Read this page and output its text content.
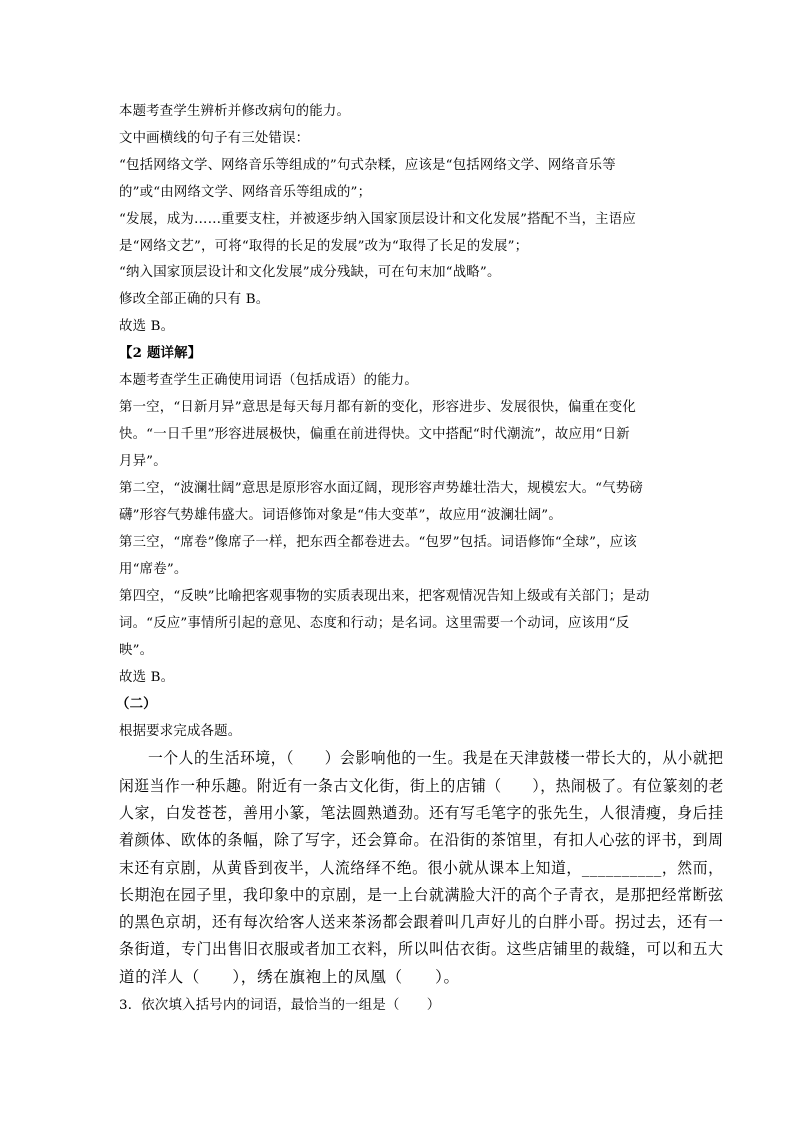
本题考查学生辨析并修改病句的能力。
文中画横线的句子有三处错误：
“包括网络文学、网络音乐等组成的”句式杂糅，应该是“包括网络文学、网络音乐等
的”或“由网络文学、网络音乐等组成的”；
“发展，成为……重要支柱，并被逐步纳入国家顶层设计和文化发展”搭配不当，主语应
是“网络文艺”，可将“取得的长足的发展”改为“取得了长足的发展”；
“纳入国家顶层设计和文化发展”成分残缺，可在句末加“战略”。
修改全部正确的只有 B。
故选 B。
【2 题详解】
本题考查学生正确使用词语（包括成语）的能力。
第一空，“日新月异”意思是每天每月都有新的变化，形容进步、发展很快，偏重在变化
快。“一日千里”形容进展极快，偏重在前进得快。文中搭配“时代潮流”，故应用“日新
月异”。
第二空，“波澜壮阔”意思是原形容水面辽阔，现形容声势雄壮浩大，规模宏大。“气势磅
礴”形容气势雄伟盛大。词语修饰对象是“伟大变革”，故应用“波澜壮阔”。
第三空，“席卷”像席子一样，把东西全都卷进去。“包罗”包括。词语修饰“全球”，应该
用“席卷”。
第四空，“反映”比喻把客观事物的实质表现出来，把客观情况告知上级或有关部门；是动
词。“反应”事情所引起的意见、态度和行动；是名词。这里需要一个动词，应该用“反
映”。
故选 B。
（二）
根据要求完成各题。
一个人的生活环境，（　　）会影响他的一生。我是在天津鼓楼一带长大的，从小就把
闲逛当作一种乐趣。附近有一条古文化街，街上的店铺（　　），热闹极了。有位篆刻的老
人家，白发苍苍，善用小篆，笔法圆熟遒劲。还有写毛笔字的张先生，人很清瘦，身后挂
着颜体、欧体的条幅，除了写字，还会算命。在沿街的茶馆里，有扣人心弦的评书，到周
末还有京剧，从黄昏到夜半，人流络绎不绝。很小就从课本上知道，__________，然而，
长期泡在园子里，我印象中的京剧，是一上台就满脸大汗的高个子青衣，是那把经常断弦
的黑色京胡，还有每次给客人送来茶汤都会跟着叫几声好儿的白胖小哥。拐过去，还有一
条街道，专门出售旧衣服或者加工衣料，所以叫估衣街。这些店铺里的裁缝，可以和五大
道的洋人（　　），绣在旗袍上的凤凰（　　）。
3．依次填入括号内的词语，最恰当的一组是（　　）
